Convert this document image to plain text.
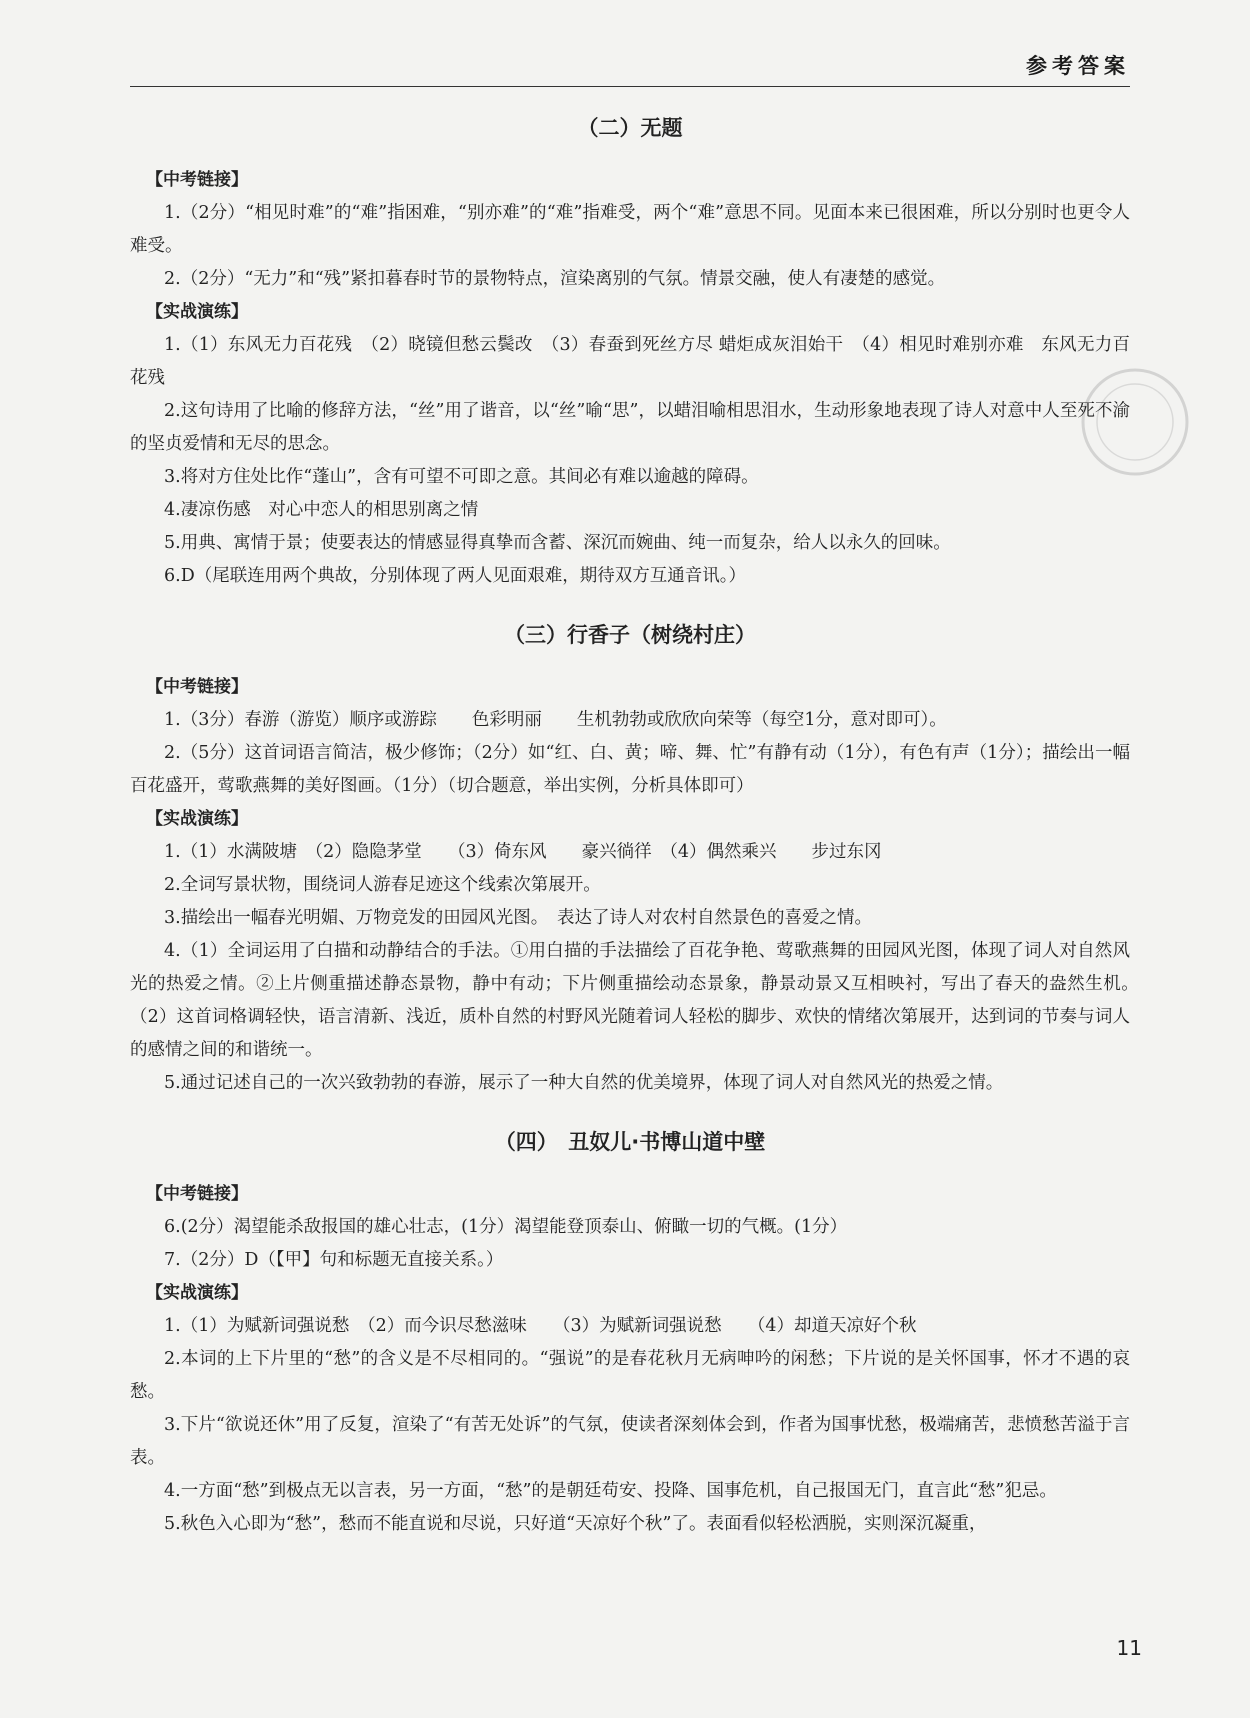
参考答案
（二）无题
【中考链接】

1.（2分）“相见时难”的“难”指困难，“别亦难”的“难”指难受，两个“难”意思不同。见面本来已很困难，所以分别时也更令人难受。

2.（2分）“无力”和“残”紧扣暮春时节的景物特点，渲染离别的气氛。情景交融，使人有凄楚的感觉。

【实战演练】

1.（1）东风无力百花残　（2）晓镜但愁云鬓改　（3）春蚕到死丝方尽 蜡炬成灰泪始干　（4）相见时难别亦难　东风无力百花残

2.这句诗用了比喻的修辞方法，“丝”用了谐音，以“丝”喻“思”，以蜡泪喻相思泪水，生动形象地表现了诗人对意中人至死不渝的坚贞爱情和无尽的思念。

3.将对方住处比作“蓬山”，含有可望不可即之意。其间必有难以逾越的障碍。

4.凄凉伤感　对心中恋人的相思别离之情

5.用典、寓情于景；使要表达的情感显得真挚而含蓄、深沉而婉曲、纯一而复杂，给人以永久的回味。

6.D（尾联连用两个典故，分别体现了两人见面艰难，期待双方互通音讯。）

（三）行香子（树绕村庄）
【中考链接】

1.（3分）春游（游览）顺序或游踪　　色彩明丽　　生机勃勃或欣欣向荣等（每空1分，意对即可）。

2.（5分）这首词语言简洁，极少修饰；（2分）如“红、白、黄；啼、舞、忙”有静有动（1分），有色有声（1分）；描绘出一幅百花盛开，莺歌燕舞的美好图画。（1分）（切合题意，举出实例，分析具体即可）

【实战演练】

1.（1）水满陂塘　（2）隐隐茅堂　　（3）倚东风　　豪兴徜徉　（4）偶然乘兴　　步过东冈

2.全词写景状物，围绕词人游春足迹这个线索次第展开。

3.描绘出一幅春光明媚、万物竞发的田园风光图。　表达了诗人对农村自然景色的喜爱之情。

4.（1）全词运用了白描和动静结合的手法。①用白描的手法描绘了百花争艳、莺歌燕舞的田园风光图，体现了词人对自然风光的热爱之情。②上片侧重描述静态景物，静中有动；下片侧重描绘动态景象，静景动景又互相映衬，写出了春天的盎然生机。　（2）这首词格调轻快，语言清新、浅近，质朴自然的村野风光随着词人轻松的脚步、欢快的情绪次第展开，达到词的节奏与词人的感情之间的和谐统一。

5.通过记述自己的一次兴致勃勃的春游，展示了一种大自然的优美境界，体现了词人对自然风光的热爱之情。

（四）　丑奴儿·书博山道中壁
【中考链接】

6.(2分）渴望能杀敌报国的雄心壮志，(1分）渴望能登顶泰山、俯瞰一切的气概。(1分）

7.（2分）D（【甲】句和标题无直接关系。）

【实战演练】

1.（1）为赋新词强说愁　（2）而今识尽愁滋味　　（3）为赋新词强说愁　　（4）却道天凉好个秋

2.本词的上下片里的“愁”的含义是不尽相同的。“强说”的是春花秋月无病呻吟的闲愁；下片说的是关怀国事，怀才不遇的哀愁。

3.下片“欲说还休”用了反复，渲染了“有苦无处诉”的气氛，使读者深刻体会到，作者为国事忧愁，极端痛苦，悲愤愁苦溢于言表。

4.一方面“愁”到极点无以言表，另一方面，“愁”的是朝廷苟安、投降、国事危机，自己报国无门，直言此“愁”犯忌。

5.秋色入心即为“愁”，愁而不能直说和尽说，只好道“天凉好个秋”了。表面看似轻松洒脱，实则深沉凝重，

11
